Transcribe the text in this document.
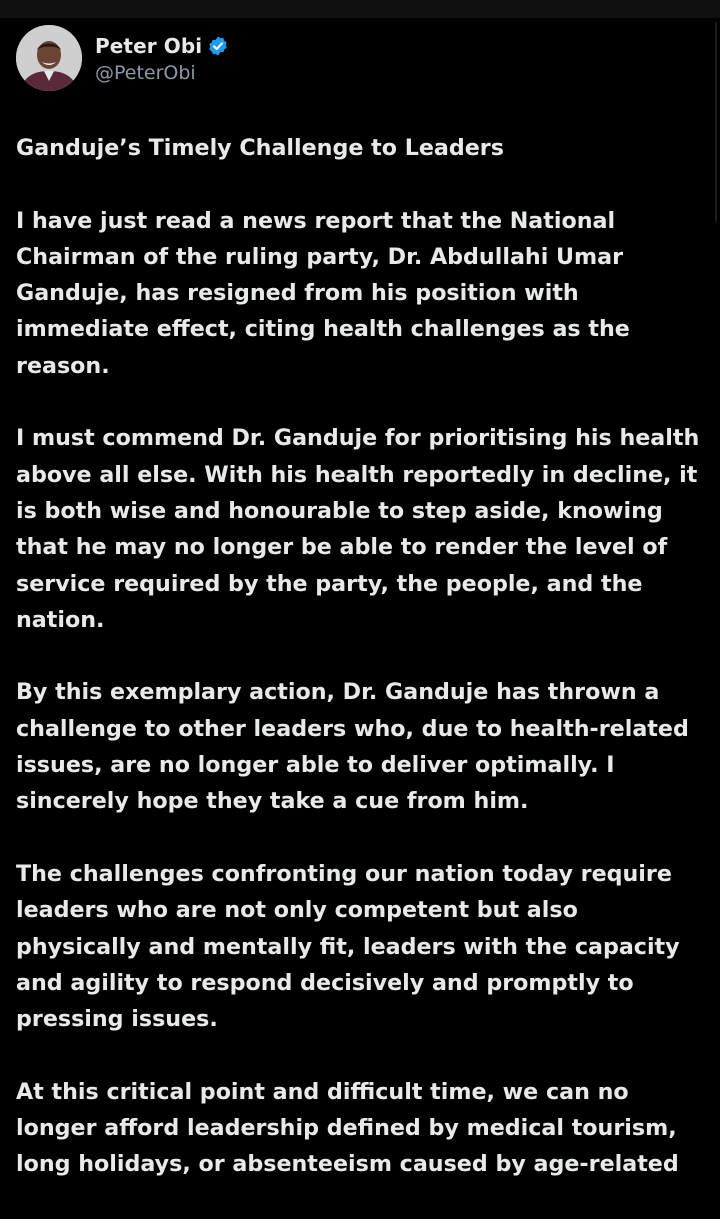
Peter Obi
@PeterObi

Ganduje’s Timely Challenge to Leaders

I have just read a news report that the National
Chairman of the ruling party, Dr. Abdullahi Umar
Ganduje, has resigned from his position with
immediate effect, citing health challenges as the
reason.

I must commend Dr. Ganduje for prioritising his health
above all else. With his health reportedly in decline, it
is both wise and honourable to step aside, knowing
that he may no longer be able to render the level of
service required by the party, the people, and the
nation.

By this exemplary action, Dr. Ganduje has thrown a
challenge to other leaders who, due to health-related
issues, are no longer able to deliver optimally. I
sincerely hope they take a cue from him.

The challenges confronting our nation today require
leaders who are not only competent but also
physically and mentally fit, leaders with the capacity
and agility to respond decisively and promptly to
pressing issues.

At this critical point and difficult time, we can no
longer afford leadership defined by medical tourism,
long holidays, or absenteeism caused by age-related
